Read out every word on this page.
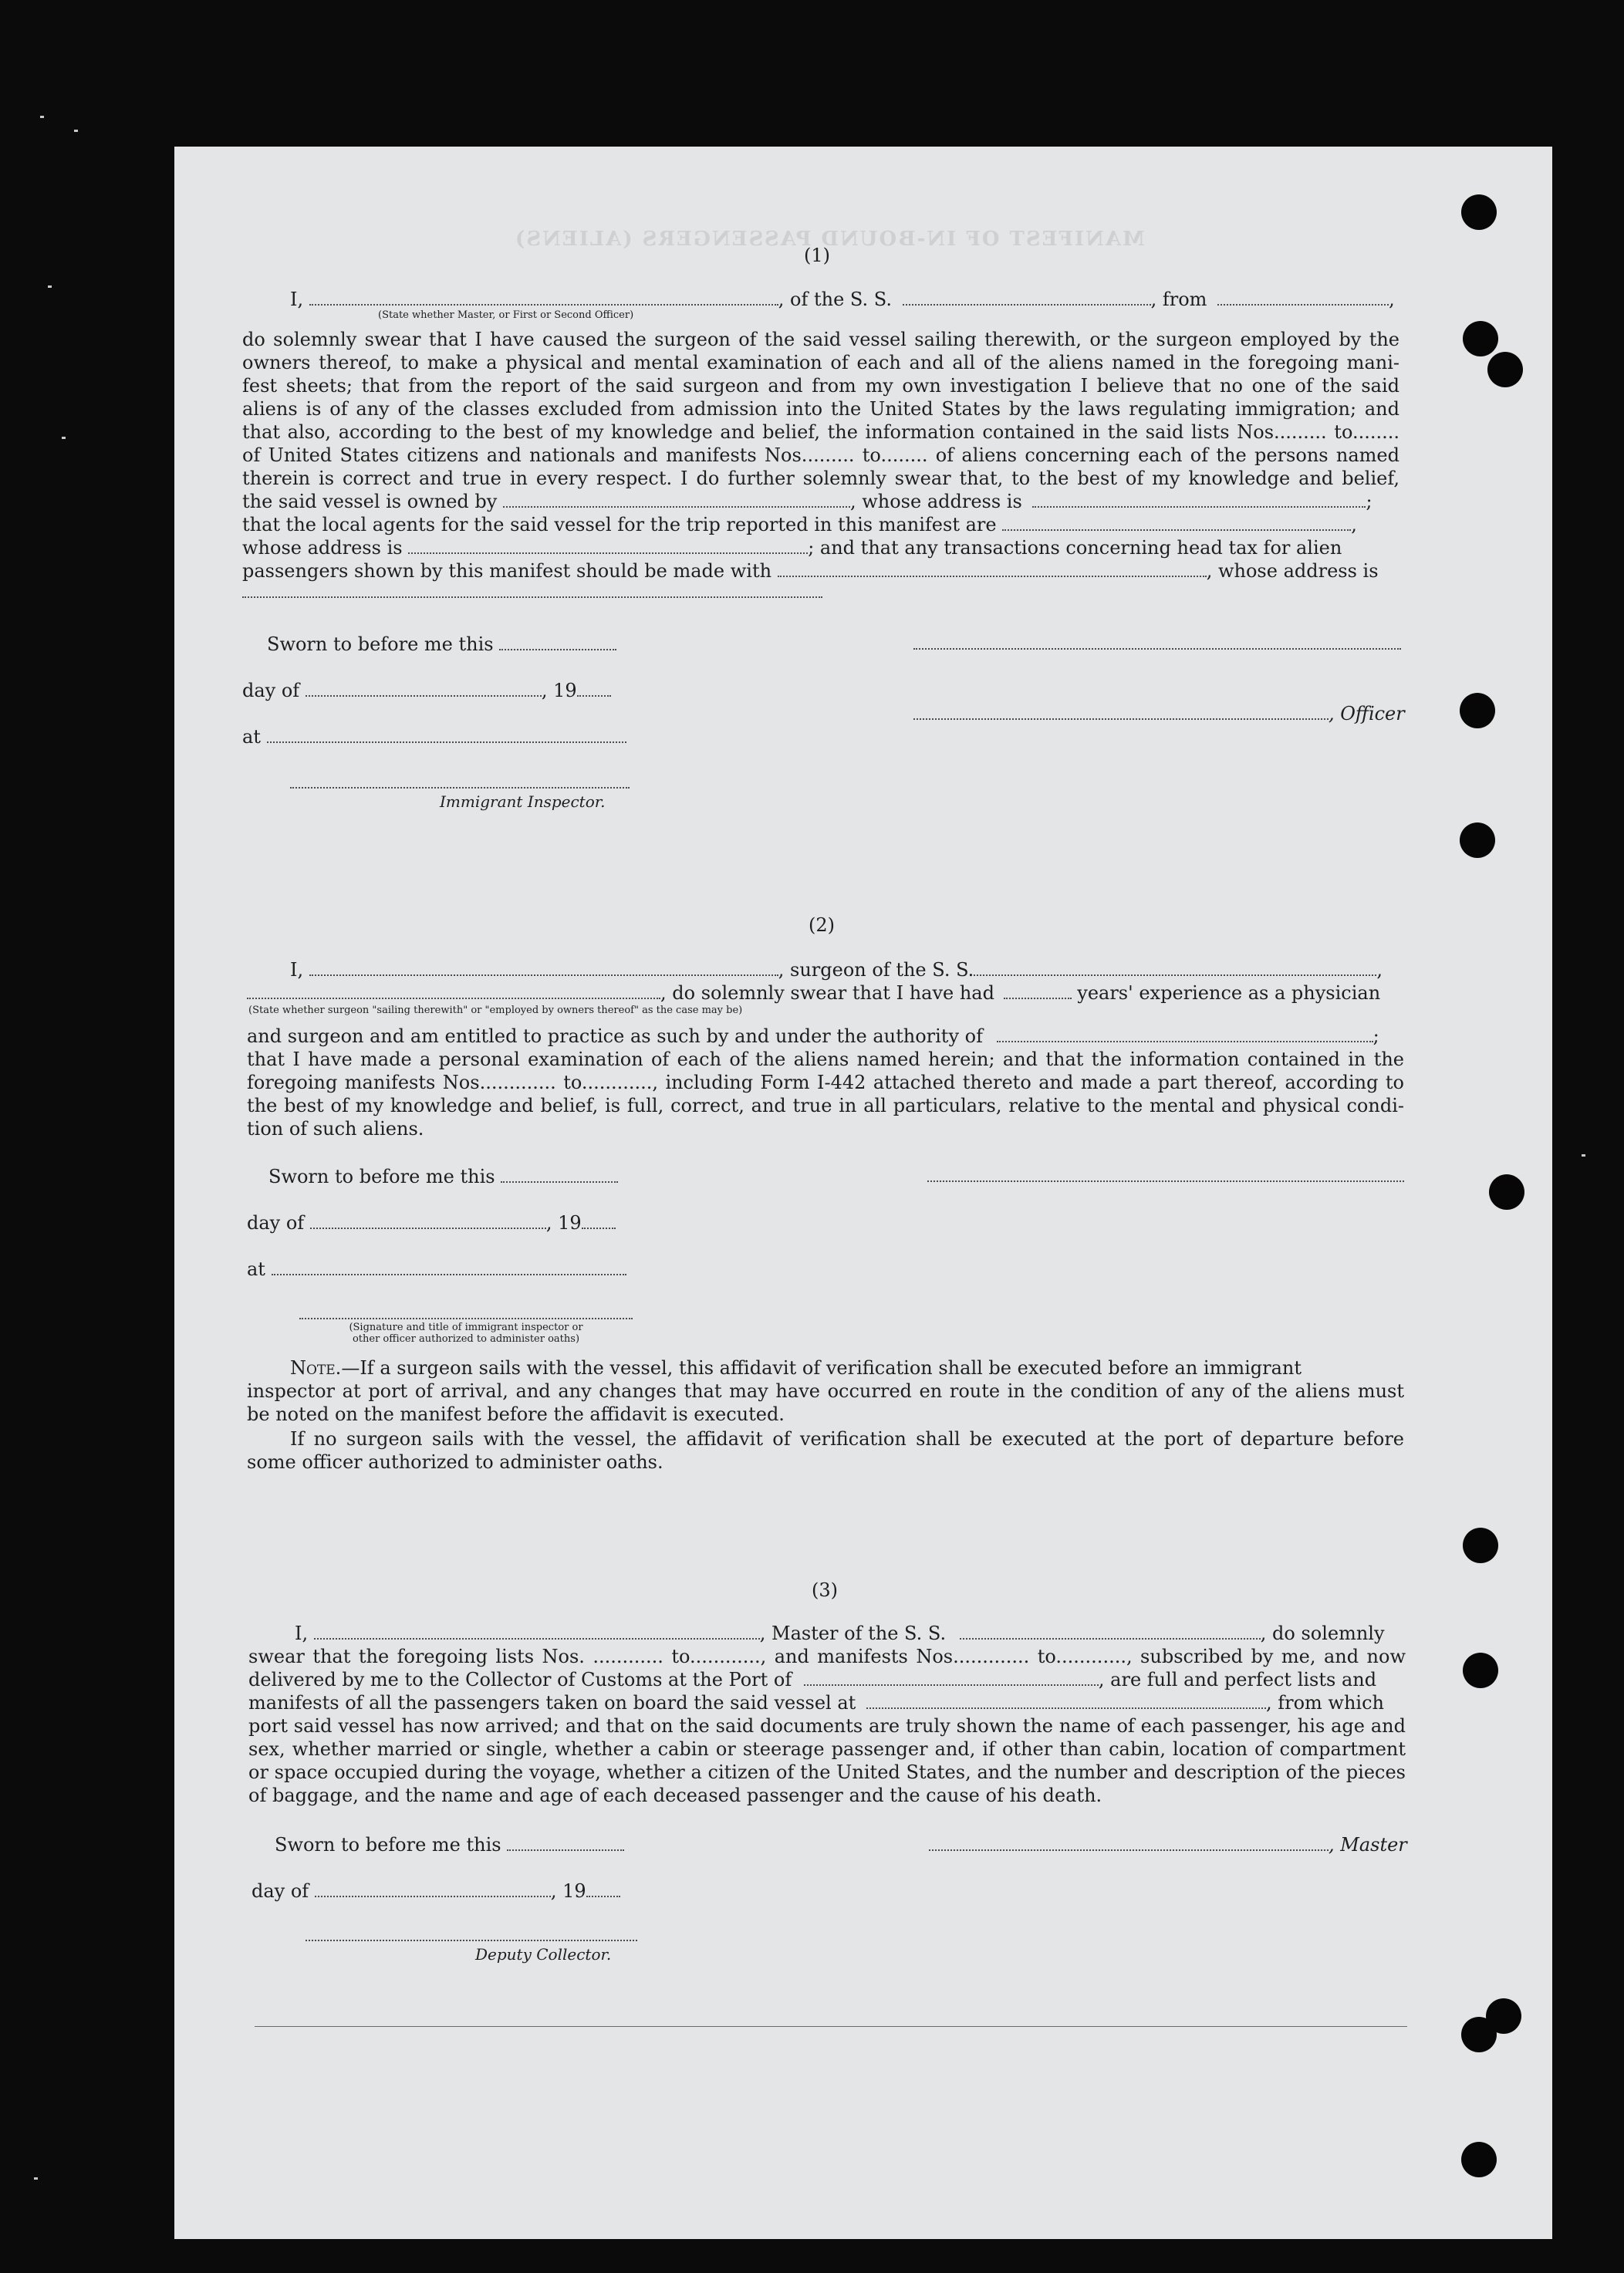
MANIFEST OF IN-BOUND PASSENGERS (ALIENS)
(1)
I,	, of the S. S.	, from	,
(State whether Master, or First or Second Officer)
do solemnly swear that I have caused the surgeon of the said vessel sailing therewith, or the surgeon employed by the
owners thereof, to make a physical and mental examination of each and all of the aliens named in the foregoing mani-
fest sheets; that from the report of the said surgeon and from my own investigation I believe that no one of the said
aliens is of any of the classes excluded from admission into the United States by the laws regulating immigration; and
that also, according to the best of my knowledge and belief, the information contained in the said lists Nos......... to........
of United States citizens and nationals and manifests Nos......... to........ of aliens concerning each of the persons named
therein is correct and true in every respect. I do further solemnly swear that, to the best of my knowledge and belief,
the said vessel is owned by	, whose address is	;
that the local agents for the said vessel for the trip reported in this manifest are	,
whose address is	; and that any transactions concerning head tax for alien
passengers shown by this manifest should be made with	, whose address is
Sworn to before me this
day of	, 19
, Officer
at
Immigrant Inspector.
(2)
I,	, surgeon of the S. S.	,
, do solemnly swear that I have had	years' experience as a physician
(State whether surgeon "sailing therewith" or "employed by owners thereof" as the case may be)
and surgeon and am entitled to practice as such by and under the authority of	;
that I have made a personal examination of each of the aliens named herein; and that the information contained in the
foregoing manifests Nos............. to............, including Form I-442 attached thereto and made a part thereof, according to
the best of my knowledge and belief, is full, correct, and true in all particulars, relative to the mental and physical condi-
tion of such aliens.
Sworn to before me this
day of	, 19
at
(Signature and title of immigrant inspector or
other officer authorized to administer oaths)
Note.—If a surgeon sails with the vessel, this affidavit of verification shall be executed before an immigrant
inspector at port of arrival, and any changes that may have occurred en route in the condition of any of the aliens must
be noted on the manifest before the affidavit is executed.
If no surgeon sails with the vessel, the affidavit of verification shall be executed at the port of departure before
some officer authorized to administer oaths.
(3)
I,	, Master of the S. S.	, do solemnly
swear that the foregoing lists Nos. ............ to............, and manifests Nos............. to............, subscribed by me, and now
delivered by me to the Collector of Customs at the Port of	, are full and perfect lists and
manifests of all the passengers taken on board the said vessel at	, from which
port said vessel has now arrived; and that on the said documents are truly shown the name of each passenger, his age and
sex, whether married or single, whether a cabin or steerage passenger and, if other than cabin, location of compartment
or space occupied during the voyage, whether a citizen of the United States, and the number and description of the pieces
of baggage, and the name and age of each deceased passenger and the cause of his death.
Sworn to before me this	, Master
day of	, 19
Deputy Collector.
